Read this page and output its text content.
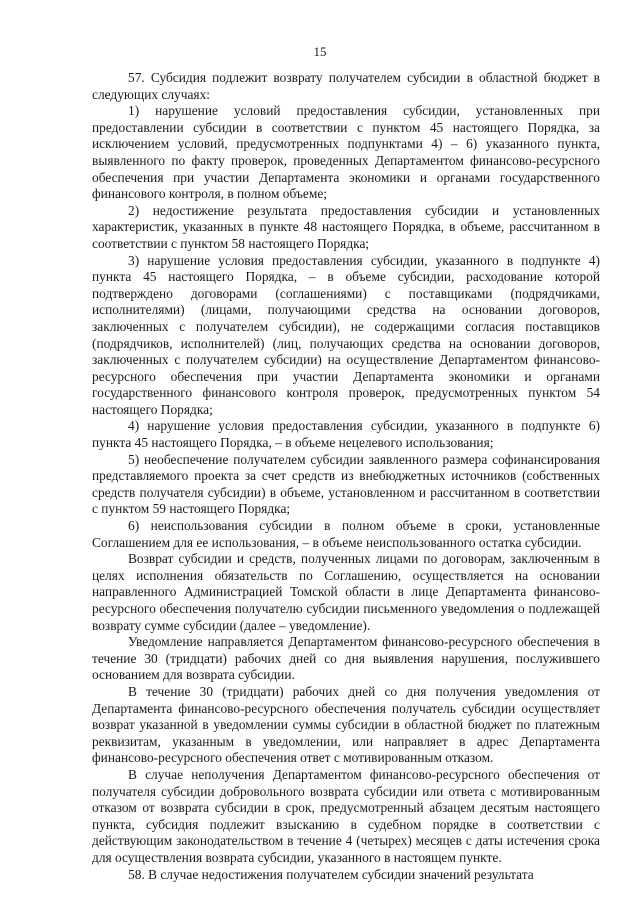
15

57. Субсидия подлежит возврату получателем субсидии в областной бюджет в следующих случаях:

1) нарушение условий предоставления субсидии, установленных при предоставлении субсидии в соответствии с пунктом 45 настоящего Порядка, за исключением условий, предусмотренных подпунктами 4) – 6) указанного пункта, выявленного по факту проверок, проведенных Департаментом финансово-ресурсного обеспечения при участии Департамента экономики и органами государственного финансового контроля, в полном объеме;

2) недостижение результата предоставления субсидии и установленных характеристик, указанных в пункте 48 настоящего Порядка, в объеме, рассчитанном в соответствии с пунктом 58 настоящего Порядка;

3) нарушение условия предоставления субсидии, указанного в подпункте 4) пункта 45 настоящего Порядка, – в объеме субсидии, расходование которой подтверждено договорами (соглашениями) с поставщиками (подрядчиками, исполнителями) (лицами, получающими средства на основании договоров, заключенных с получателем субсидии), не содержащими согласия поставщиков (подрядчиков, исполнителей) (лиц, получающих средства на основании договоров, заключенных с получателем субсидии) на осуществление Департаментом финансово-ресурсного обеспечения при участии Департамента экономики и органами государственного финансового контроля проверок, предусмотренных пунктом 54 настоящего Порядка;

4) нарушение условия предоставления субсидии, указанного в подпункте 6) пункта 45 настоящего Порядка, – в объеме нецелевого использования;

5) необеспечение получателем субсидии заявленного размера софинансирования представляемого проекта за счет средств из внебюджетных источников (собственных средств получателя субсидии) в объеме, установленном и рассчитанном в соответствии с пунктом 59 настоящего Порядка;

6) неиспользования субсидии в полном объеме в сроки, установленные Соглашением для ее использования, – в объеме неиспользованного остатка субсидии.

Возврат субсидии и средств, полученных лицами по договорам, заключенным в целях исполнения обязательств по Соглашению, осуществляется на основании направленного Администрацией Томской области в лице Департамента финансово-ресурсного обеспечения получателю субсидии письменного уведомления о подлежащей возврату сумме субсидии (далее – уведомление).

Уведомление направляется Департаментом финансово-ресурсного обеспечения в течение 30 (тридцати) рабочих дней со дня выявления нарушения, послужившего основанием для возврата субсидии.

В течение 30 (тридцати) рабочих дней со дня получения уведомления от Департамента финансово-ресурсного обеспечения получатель субсидии осуществляет возврат указанной в уведомлении суммы субсидии в областной бюджет по платежным реквизитам, указанным в уведомлении, или направляет в адрес Департамента финансово-ресурсного обеспечения ответ с мотивированным отказом.

В случае неполучения Департаментом финансово-ресурсного обеспечения от получателя субсидии добровольного возврата субсидии или ответа с мотивированным отказом от возврата субсидии в срок, предусмотренный абзацем десятым настоящего пункта, субсидия подлежит взысканию в судебном порядке в соответствии с действующим законодательством в течение 4 (четырех) месяцев с даты истечения срока для осуществления возврата субсидии, указанного в настоящем пункте.

58. В случае недостижения получателем субсидии значений результата
